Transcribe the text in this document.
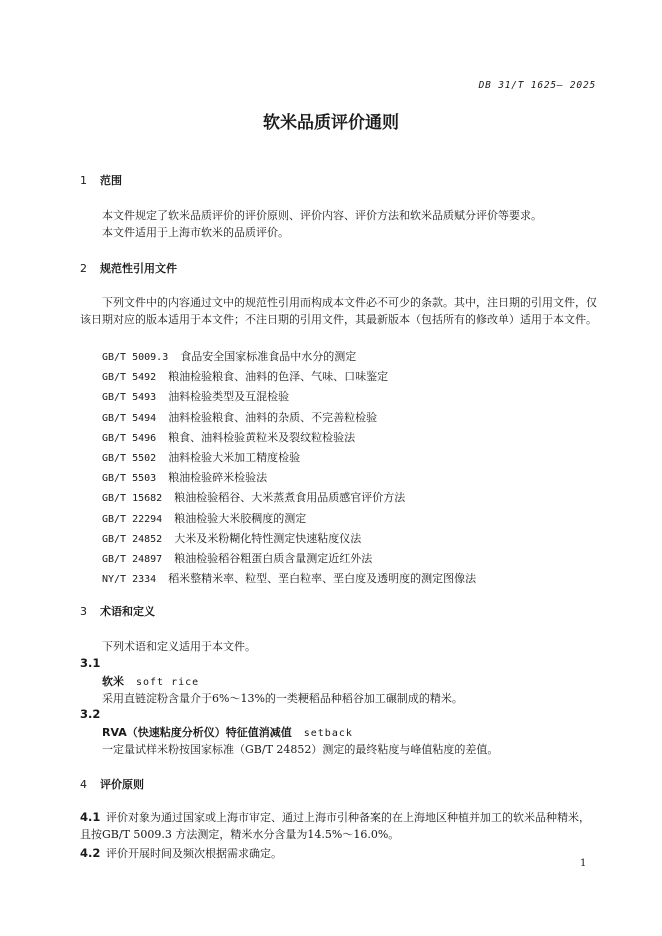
DB 31/T 1625— 2025
软米品质评价通则
1 范围
本文件规定了软米品质评价的评价原则、评价内容、评价方法和软米品质赋分评价等要求。
本文件适用于上海市软米的品质评价。
2 规范性引用文件
下列文件中的内容通过文中的规范性引用而构成本文件必不可少的条款。其中，注日期的引用文件，仅该日期对应的版本适用于本文件；不注日期的引用文件，其最新版本（包括所有的修改单）适用于本文件。
GB/T 5009.3 食品安全国家标准食品中水分的测定
GB/T 5492 粮油检验粮食、油料的色泽、气味、口味鉴定
GB/T 5493 油料检验类型及互混检验
GB/T 5494 油料检验粮食、油料的杂质、不完善粒检验
GB/T 5496 粮食、油料检验黄粒米及裂纹粒检验法
GB/T 5502 油料检验大米加工精度检验
GB/T 5503 粮油检验碎米检验法
GB/T 15682 粮油检验稻谷、大米蒸煮食用品质感官评价方法
GB/T 22294 粮油检验大米胶稠度的测定
GB/T 24852 大米及米粉糊化特性测定快速粘度仪法
GB/T 24897 粮油检验稻谷粗蛋白质含量测定近红外法
NY/T 2334 稻米整精米率、粒型、垩白粒率、垩白度及透明度的测定图像法
3 术语和定义
下列术语和定义适用于本文件。
3.1
软米 soft rice
采用直链淀粉含量介于6%～13%的一类粳稻品种稻谷加工碾制成的精米。
3.2
RVA（快速粘度分析仪）特征值消减值 setback
一定量试样米粉按国家标准（GB/T 24852）测定的最终粘度与峰值粘度的差值。
4 评价原则
4.1 评价对象为通过国家或上海市审定、通过上海市引种备案的在上海地区种植并加工的软米品种精米，且按GB/T 5009.3 方法测定，精米水分含量为14.5%～16.0%。
4.2 评价开展时间及频次根据需求确定。
1
